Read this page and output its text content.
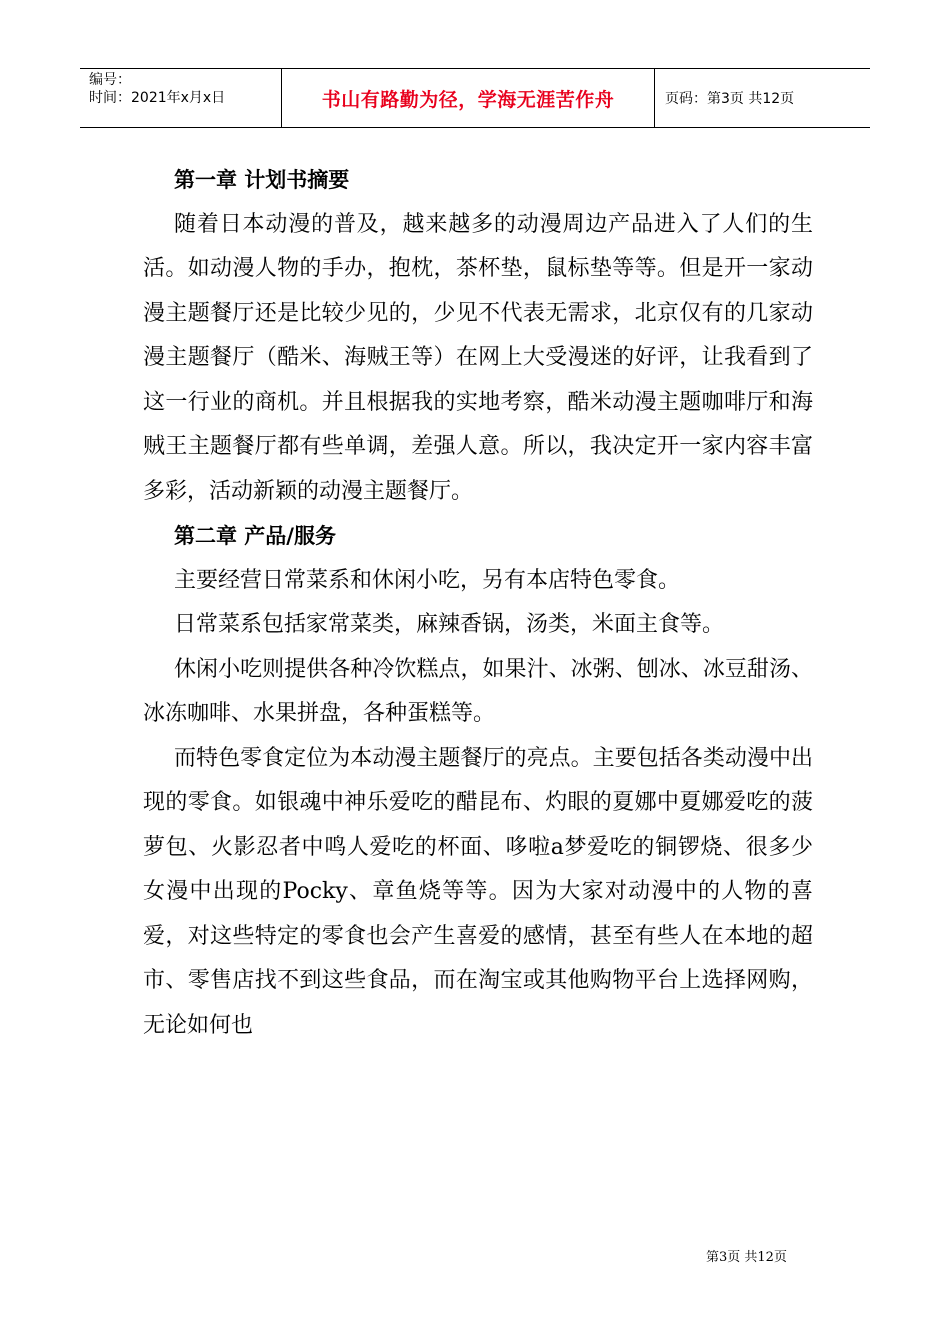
编号：
时间：2021年x月x日	书山有路勤为径，学海无涯苦作舟	页码：第3页 共12页

第一章 计划书摘要

随着日本动漫的普及，越来越多的动漫周边产品进入了人们的生活。如动漫人物的手办，抱枕，茶杯垫，鼠标垫等等。但是开一家动漫主题餐厅还是比较少见的，少见不代表无需求，北京仅有的几家动漫主题餐厅（酷米、海贼王等）在网上大受漫迷的好评，让我看到了这一行业的商机。并且根据我的实地考察，酷米动漫主题咖啡厅和海贼王主题餐厅都有些单调，差强人意。所以，我决定开一家内容丰富多彩，活动新颖的动漫主题餐厅。

第二章 产品/服务

主要经营日常菜系和休闲小吃，另有本店特色零食。

日常菜系包括家常菜类，麻辣香锅，汤类，米面主食等。

休闲小吃则提供各种冷饮糕点，如果汁、冰粥、刨冰、冰豆甜汤、冰冻咖啡、水果拼盘，各种蛋糕等。

而特色零食定位为本动漫主题餐厅的亮点。主要包括各类动漫中出现的零食。如银魂中神乐爱吃的醋昆布、灼眼的夏娜中夏娜爱吃的菠萝包、火影忍者中鸣人爱吃的杯面、哆啦a梦爱吃的铜锣烧、很多少女漫中出现的Pocky、章鱼烧等等。因为大家对动漫中的人物的喜爱，对这些特定的零食也会产生喜爱的感情，甚至有些人在本地的超市、零售店找不到这些食品，而在淘宝或其他购物平台上选择网购，无论如何也

第3页 共12页
